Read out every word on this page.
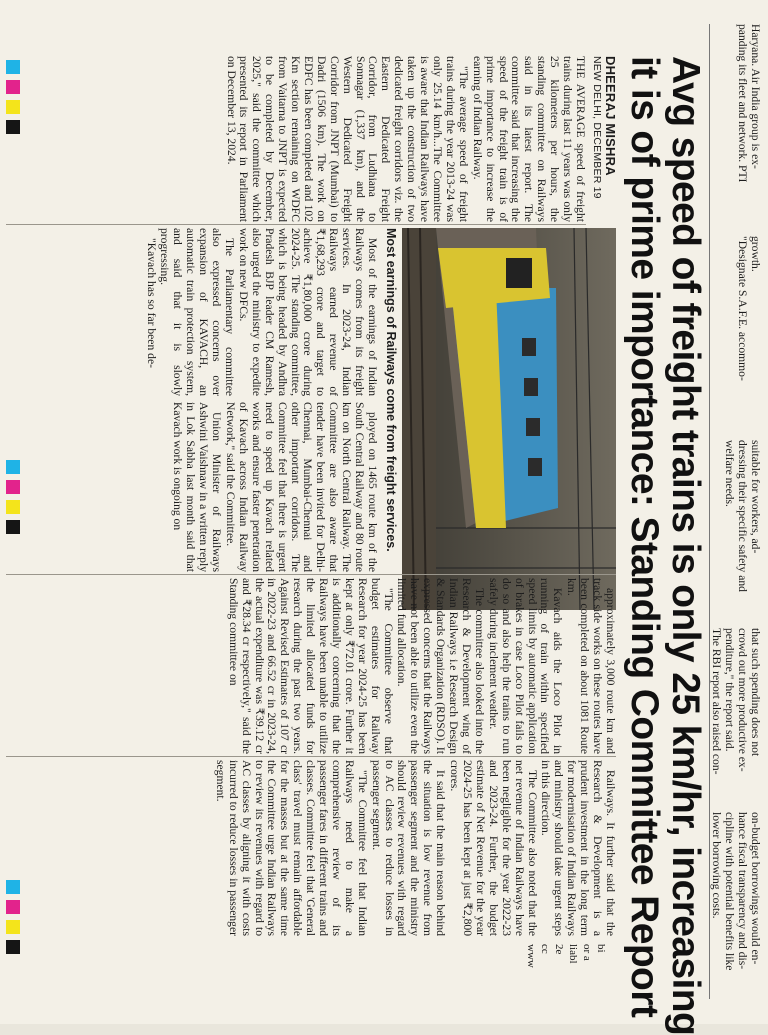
Haryana. Air India group is ex-
panding its fleet and network. PTI
growth.
"Designate S.A.F.E. accommo-
suitable for workers, ad-
dressing their specific safety and
welfare needs.
that such spending does not
crowd out more productive ex-
penditure," the report said.
The RBI report also raised con-
on-budget borrowings would en-
hance fiscal transparency and dis-
cipline with potential benefits like
lower borrowing costs.
Avg speed of freight trains is only 25 km/hr, increasing
it is of prime importance: Standing Committee Report
DHEERAJ MISHRA
NEW DELHI, DECEMBER 19
Most earnings of Railways come from freight services.

THE AVERAGE speed of freight trains during last 11 years was only 25 kilometers per hours, the standing committee on Railways said in its latest report. The committee said that increasing the speed of the freight train is of prime importance to increase the earning of Indian Railway.

"The average speed of freight trains during the year 2013-24 was only 25.14 km/h...The Committee is aware that Indian Railways have taken up the construction of two dedicated freight corridors viz. the Eastern Dedicated Freight Corridor, from Ludhiana to Sonnagar (1,337 km), and the Western Dedicated Freight Corridor from JNPT (Mumbai) to Dadri (1506 km). The work on EDFC has been completed and 102 Km section remaining on WDFC from Vaitarna to JNPT is expected to be completed by December, 2025," said the committee which presented its report in Parliament on December 13, 2024.

Most of the earnings of Indian Railways comes from its freight services. In 2023-24, Indian Railways earned revenue of ₹1,68,293 crore and target to achieve ₹1,80,000 crore during 2024-25. The standing committee, which is being headed by Andhra Pradesh BJP leader CM Ramesh, also urged the ministry to expedite work on new DFCs.

The Parliamentary committee also expressed concerns over expansion of KAVACH, an automatic train protection system, and said that it is slowly progressing.

"Kavach has so far been de-

ployed on 1465 route km of the South Central Railway and 80 route km on North Central Railway. The Committee are also aware that tender have been invited for Delhi-Chennai, Mumbai-Chennai and other important corridors. The Committee feel that there is urgent need to speed up Kavach related works and ensure faster penetration of Kavach across Indian Railway Network," said the Committee.

Union Minister of Railways Ashwini Vaishnaw in a written reply in Lok Sabha last month said that Kavach work is ongoing on

approximately 3,000 route km and track side works on these routes have been completed on about 1081 Route km.

Kavach aids the Loco Pilot in running of train within specified speed limits by automatic application of brakes in case Loco Pilot fails to do so and also help the trains to run safely during inclement weather.

The committee also looked into the Research & Development wing of Indian Railways i.e Research Design & Standards Organization (RDSO). It expressed concerns that the Railways have not been able to utilize even the limited fund allocation.

"The Committee observe that budget estimates for Railway Research for year 2024-25 has been kept at only ₹72.01 crore. Further it is additionally concerning that the Railways have been unable to utilize the limited allocated funds for research during the past two years. Against Revised Estimates of 107 cr in 2022-23 and 66.52 cr in 2023-24, the actual expenditure was ₹39.12 cr and ₹28.34 cr respectively," said the Standing committee on

Railways. It further said that the Research & Development is a prudent investment in the long term for modernisation of Indian Railways and ministry should take urgent steps in this direction.

The Committee also noted that the net revenue of Indian Railways have been negligible for the year 2022-23 and 2023-24. Further, the budget estimate of Net Revenue for the year 2024-25 has been kept at just ₹2,800 crores.

It said that the main reason behind the situation is low revenue from passenger segment and the ministry should review revenues with regard to AC classes to reduce losses in passenger segment.

"The Committee feel that Indian Railways need to make a comprehensive review of its passenger fares in different trains and classes. Committee feel that 'General class' travel must remain affordable for the masses but at the same time the Committee urge Indian Railways to review its revenues with regard to AC classes by aligning it with costs incurred to reduce losses in passenger segment.

bi
or a
liabl
2e
cc
www
